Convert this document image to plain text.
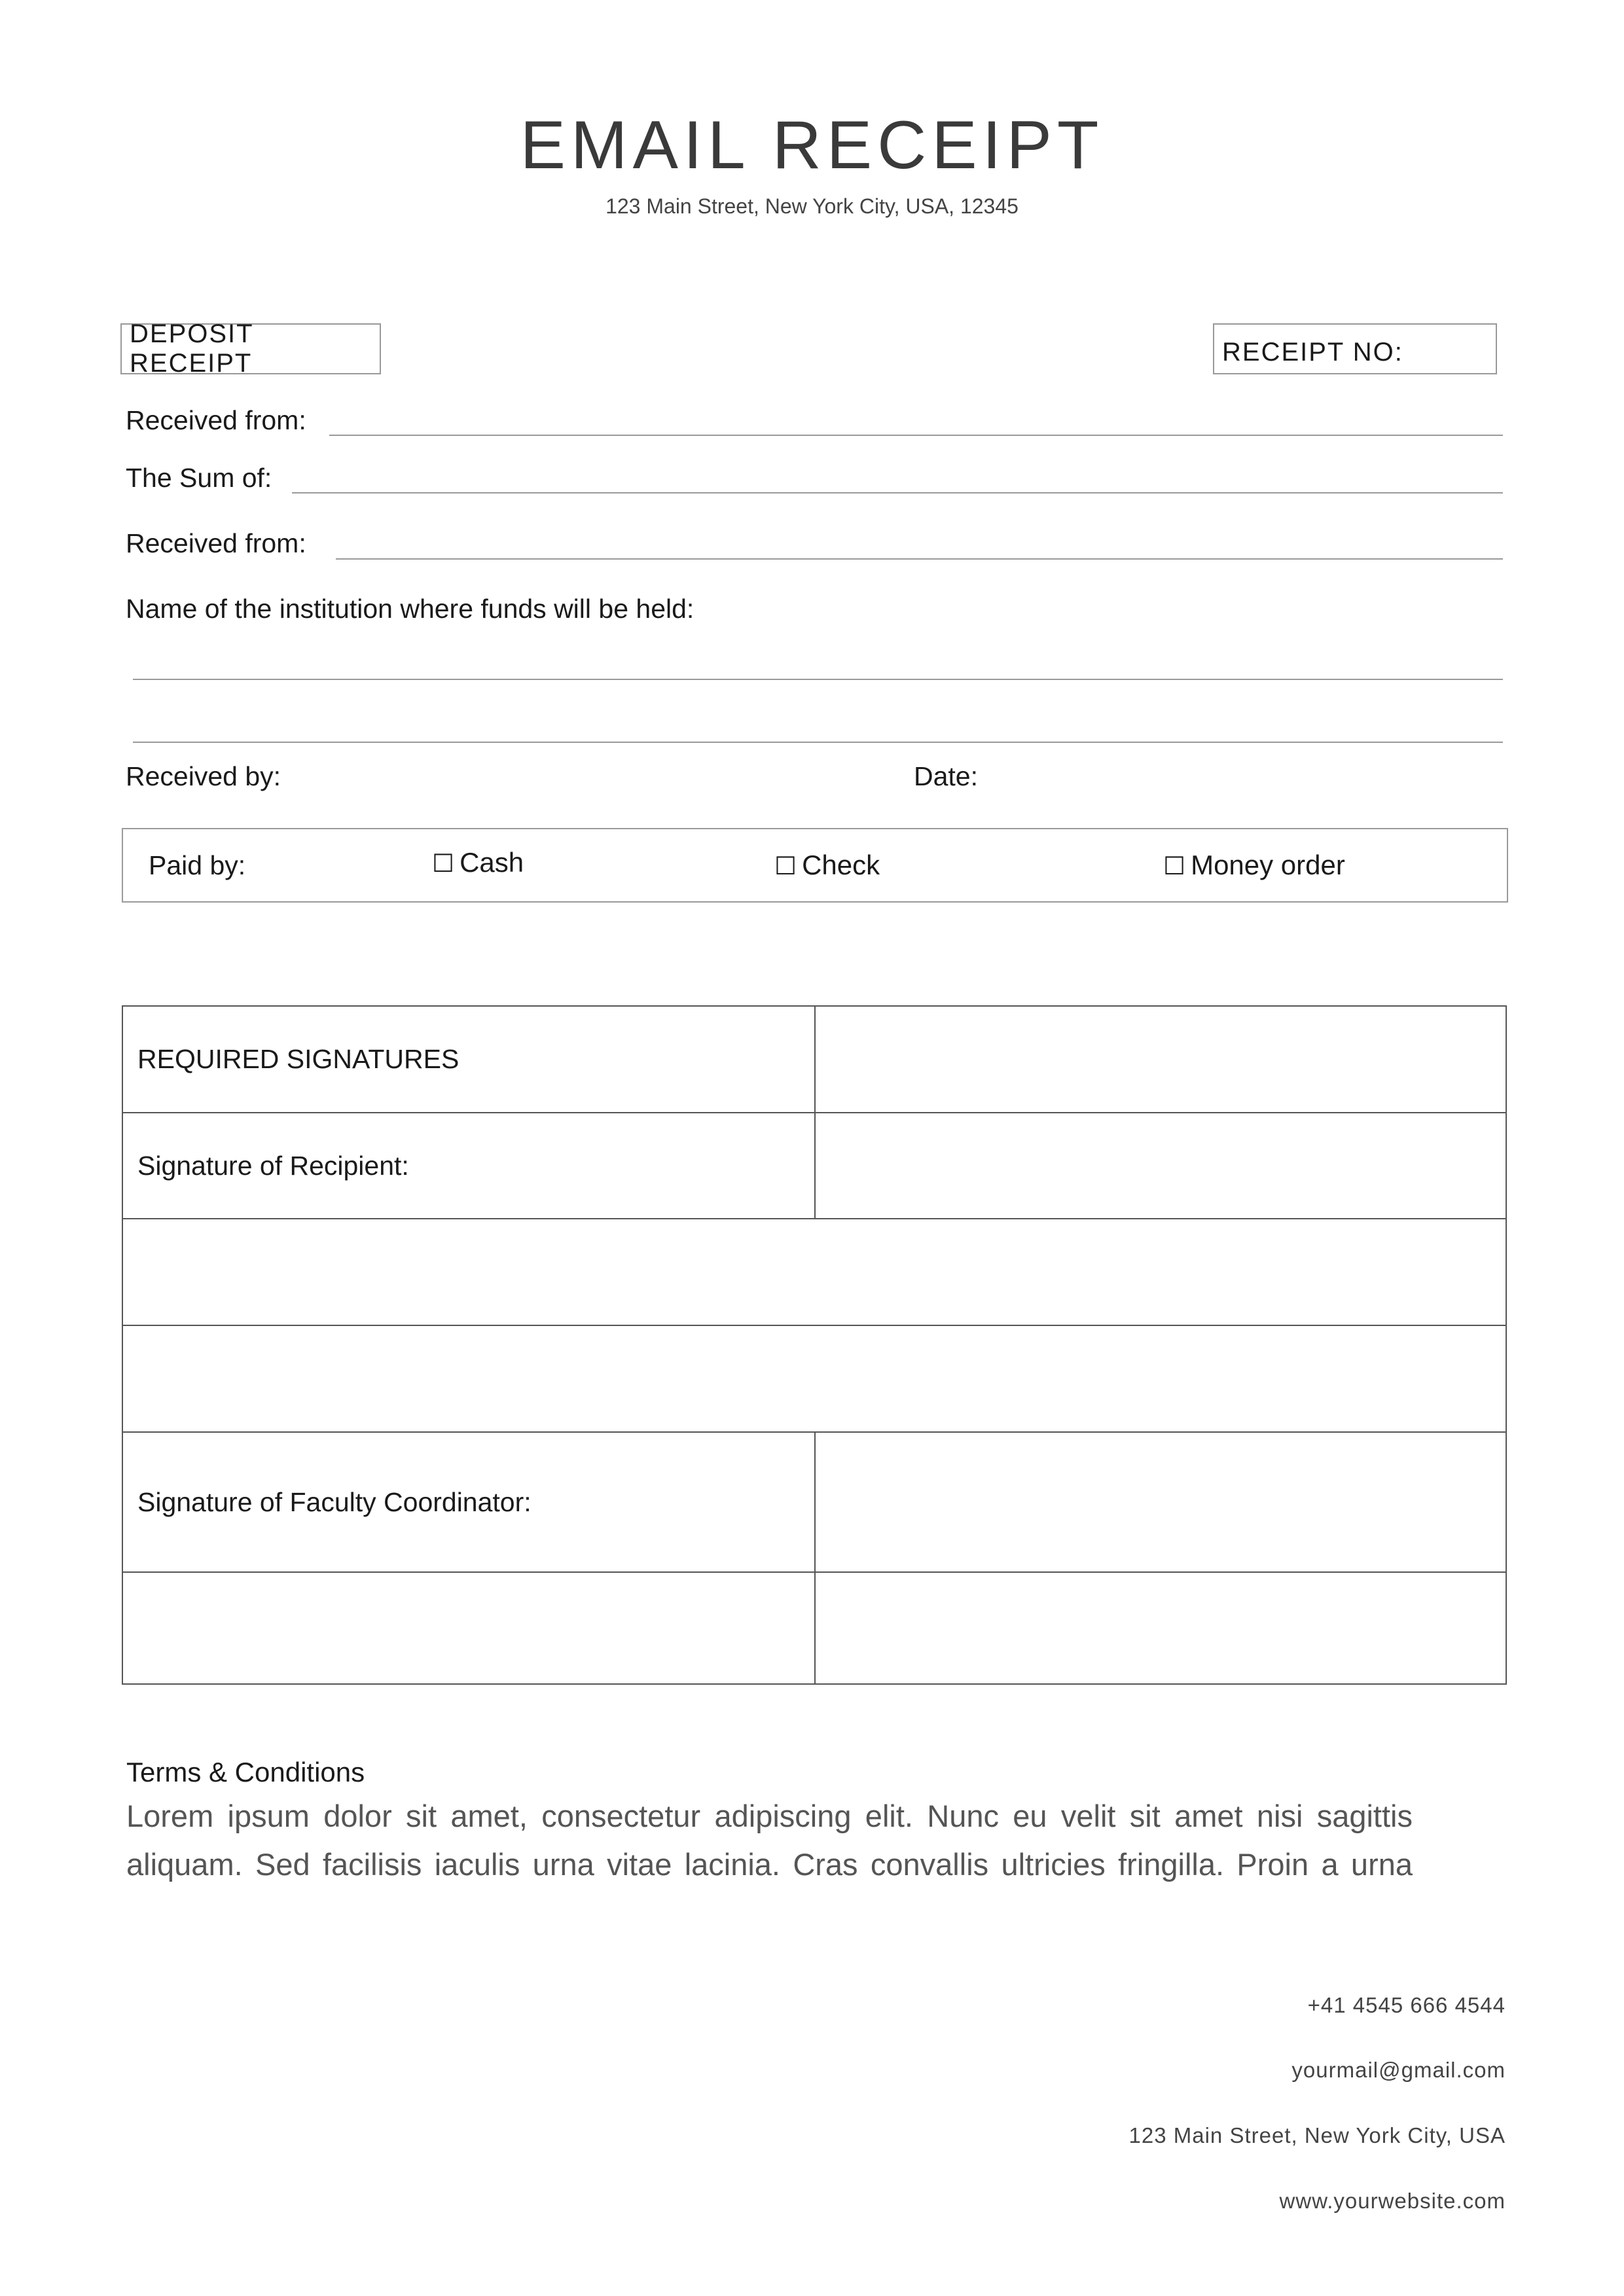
EMAIL RECEIPT
123 Main Street, New York City, USA, 12345
DEPOSIT RECEIPT	RECEIPT NO:
Received from:
The Sum of:
Received from:
Name of the institution where funds will be held:
Received by:	Date:
Paid by:	☐ Cash	☐ Check	☐ Money order
REQUIRED SIGNATURES	
Signature of Recipient:	

Signature of Faculty Coordinator:	

Terms & Conditions
Lorem ipsum dolor sit amet, consectetur adipiscing elit. Nunc eu velit sit amet nisi sagittis
aliquam. Sed facilisis iaculis urna vitae lacinia. Cras convallis ultricies fringilla. Proin a urna
+41 4545 666 4544
yourmail@gmail.com
123 Main Street, New York City, USA
www.yourwebsite.com
